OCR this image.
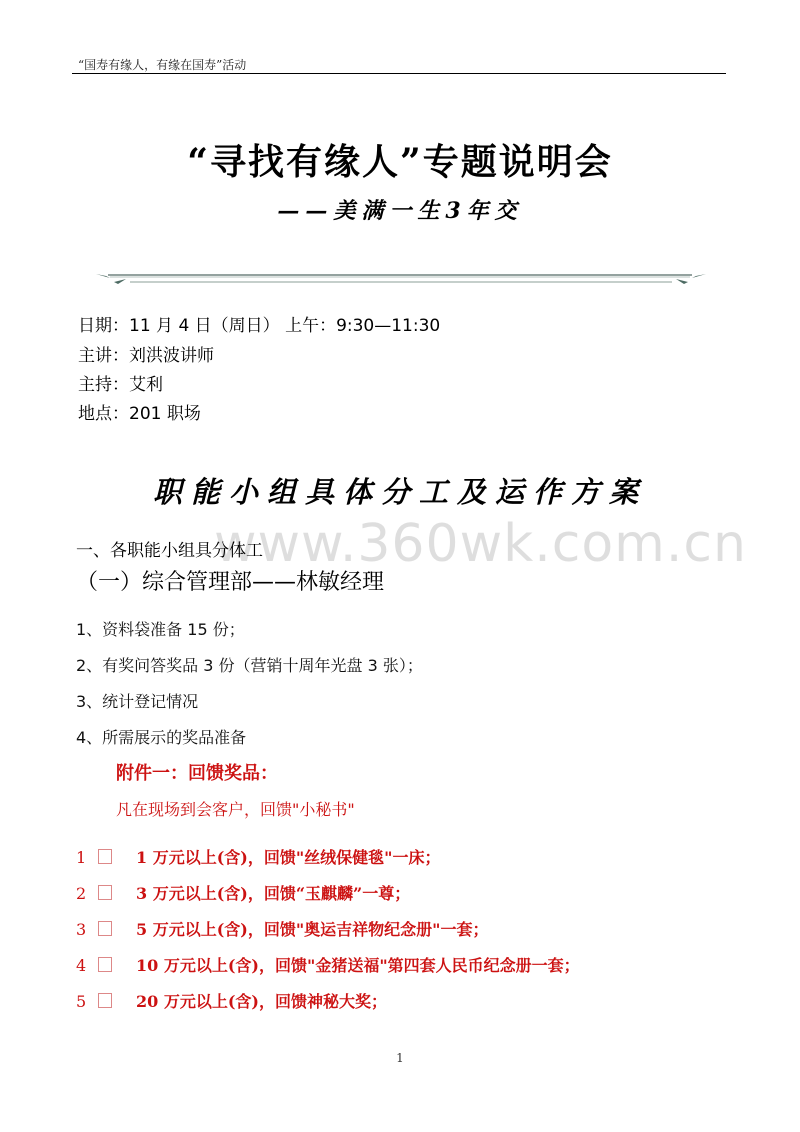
“国寿有缘人，有缘在国寿”活动
“寻找有缘人”专题说明会
——美满一生3年交
日期：11 月 4 日（周日） 上午：9:30—11:30
主讲：刘洪波讲师
主持：艾利
地点：201 职场
职能小组具体分工及运作方案
www.360wk.com.cn
一、各职能小组具分体工
（一）综合管理部——林敏经理
1、资料袋准备 15 份；
2、有奖问答奖品 3 份（营销十周年光盘 3 张）；
3、统计登记情况
4、所需展示的奖品准备
附件一：回馈奖品：
凡在现场到会客户，回馈"小秘书"
1	1 万元以上(含)，回馈"丝绒保健毯"一床；
2	3 万元以上(含)，回馈“玉麒麟”一尊；
3	5 万元以上(含)，回馈"奥运吉祥物纪念册"一套；
4	10 万元以上(含)，回馈"金猪送福"第四套人民币纪念册一套；
5	20 万元以上(含)，回馈神秘大奖；
1
